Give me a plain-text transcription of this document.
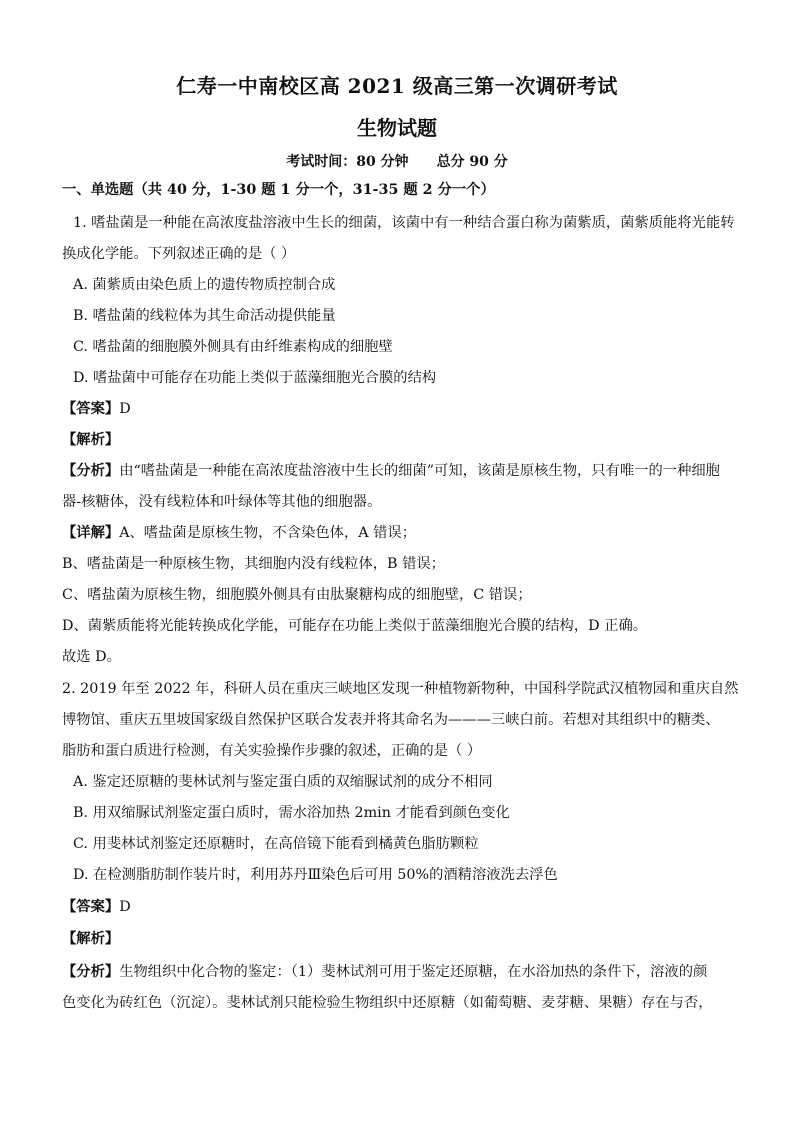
仁寿一中南校区高 2021 级高三第一次调研考试
生物试题
考试时间：80 分钟 总分 90 分
一、单选题（共 40 分，1-30 题 1 分一个，31-35 题 2 分一个）
1. 嗜盐菌是一种能在高浓度盐溶液中生长的细菌，该菌中有一种结合蛋白称为菌紫质，菌紫质能将光能转
换成化学能。下列叙述正确的是（ ）
A. 菌紫质由染色质上的遗传物质控制合成
B. 嗜盐菌的线粒体为其生命活动提供能量
C. 嗜盐菌的细胞膜外侧具有由纤维素构成的细胞壁
D. 嗜盐菌中可能存在功能上类似于蓝藻细胞光合膜的结构
【答案】D
【解析】
【分析】由“嗜盐菌是一种能在高浓度盐溶液中生长的细菌”可知，该菌是原核生物，只有唯一的一种细胞
器-核糖体，没有线粒体和叶绿体等其他的细胞器。
【详解】A、嗜盐菌是原核生物，不含染色体，A 错误；
B、嗜盐菌是一种原核生物，其细胞内没有线粒体，B 错误；
C、嗜盐菌为原核生物，细胞膜外侧具有由肽聚糖构成的细胞壁，C 错误；
D、菌紫质能将光能转换成化学能，可能存在功能上类似于蓝藻细胞光合膜的结构，D 正确。
故选 D。
2. 2019 年至 2022 年，科研人员在重庆三峡地区发现一种植物新物种，中国科学院武汉植物园和重庆自然
博物馆、重庆五里坡国家级自然保护区联合发表并将其命名为———三峡白前。若想对其组织中的糖类、
脂肪和蛋白质进行检测，有关实验操作步骤的叙述，正确的是（ ）
A. 鉴定还原糖的斐林试剂与鉴定蛋白质的双缩脲试剂的成分不相同
B. 用双缩脲试剂鉴定蛋白质时，需水浴加热 2min 才能看到颜色变化
C. 用斐林试剂鉴定还原糖时，在高倍镜下能看到橘黄色脂肪颗粒
D. 在检测脂肪制作装片时，利用苏丹Ⅲ染色后可用 50%的酒精溶液洗去浮色
【答案】D
【解析】
【分析】生物组织中化合物的鉴定：（1）斐林试剂可用于鉴定还原糖，在水浴加热的条件下，溶液的颜
色变化为砖红色（沉淀）。斐林试剂只能检验生物组织中还原糖（如葡萄糖、麦芽糖、果糖）存在与否，
